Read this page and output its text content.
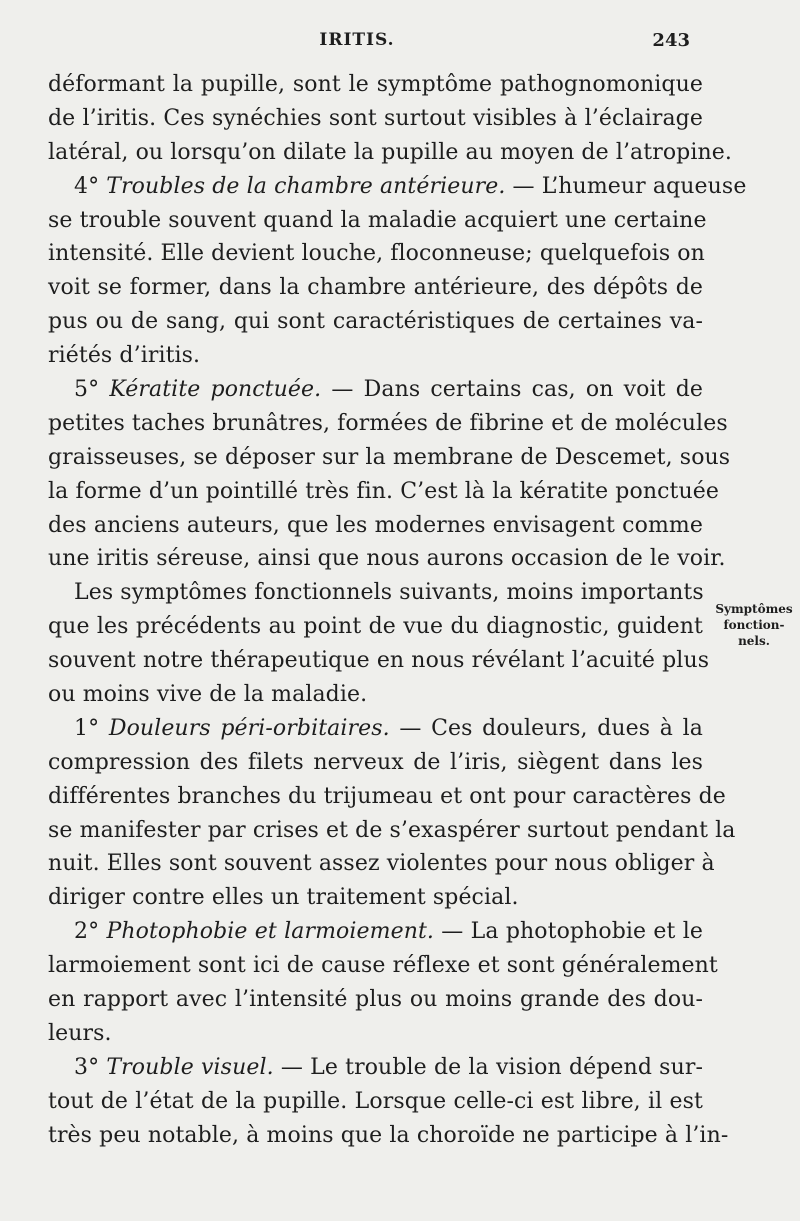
IRITIS.	243
déformant la pupille, sont le symptôme pathognomonique
de l’iritis. Ces synéchies sont surtout visibles à l’éclairage
latéral, ou lorsqu’on dilate la pupille au moyen de l’atropine.
4° Troubles de la chambre antérieure. — L’humeur aqueuse
se trouble souvent quand la maladie acquiert une certaine
intensité. Elle devient louche, floconneuse; quelquefois on
voit se former, dans la chambre antérieure, des dépôts de
pus ou de sang, qui sont caractéristiques de certaines va-
riétés d’iritis.
5° Kératite ponctuée. — Dans certains cas, on voit de
petites taches brunâtres, formées de fibrine et de molécules
graisseuses, se déposer sur la membrane de Descemet, sous
la forme d’un pointillé très fin. C’est là la kératite ponctuée
des anciens auteurs, que les modernes envisagent comme
une iritis séreuse, ainsi que nous aurons occasion de le voir.
Les symptômes fonctionnels suivants, moins importants
que les précédents au point de vue du diagnostic, guident
souvent notre thérapeutique en nous révélant l’acuité plus
ou moins vive de la maladie.
1° Douleurs péri-orbitaires. — Ces douleurs, dues à la
compression des filets nerveux de l’iris, siègent dans les
différentes branches du trijumeau et ont pour caractères de
se manifester par crises et de s’exaspérer surtout pendant la
nuit. Elles sont souvent assez violentes pour nous obliger à
diriger contre elles un traitement spécial.
2° Photophobie et larmoiement. — La photophobie et le
larmoiement sont ici de cause réflexe et sont généralement
en rapport avec l’intensité plus ou moins grande des dou-
leurs.
3° Trouble visuel. — Le trouble de la vision dépend sur-
tout de l’état de la pupille. Lorsque celle-ci est libre, il est
très peu notable, à moins que la choroïde ne participe à l’in-
Symptômes
fonction-
nels.
